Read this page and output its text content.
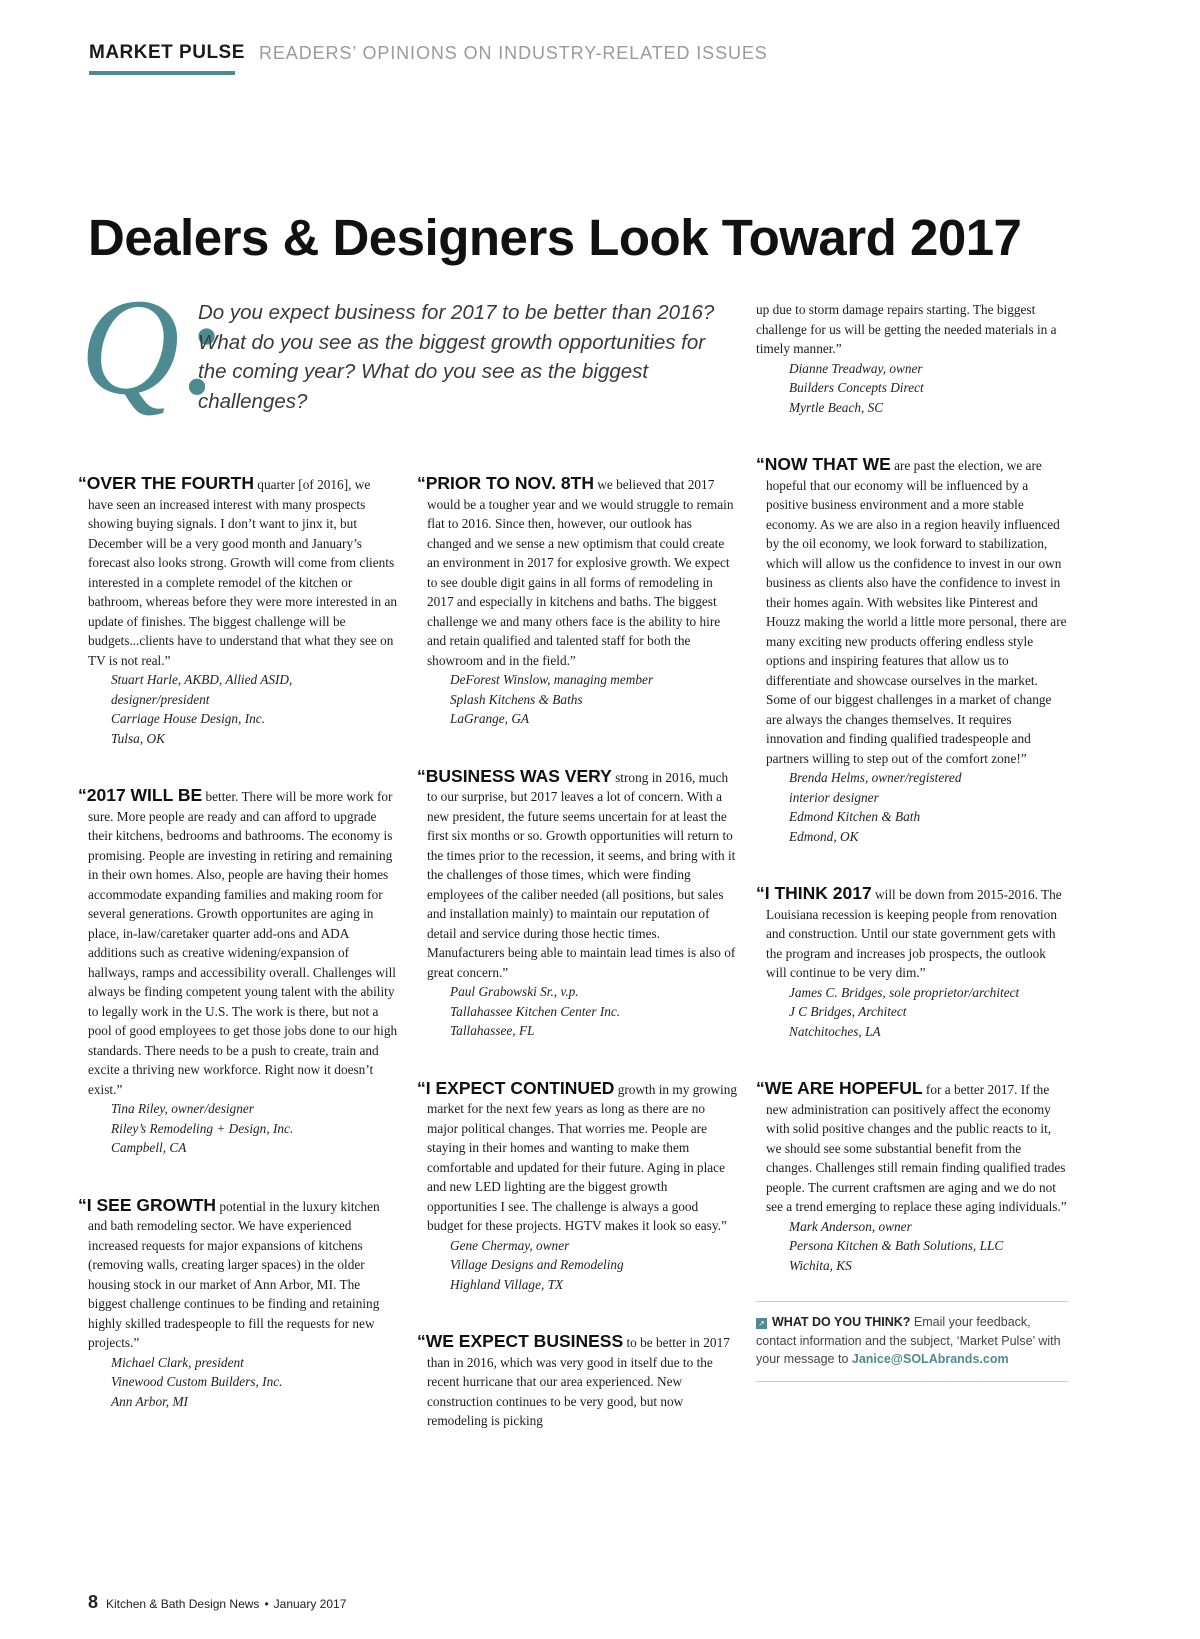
MARKET PULSE READERS’ OPINIONS ON INDUSTRY-RELATED ISSUES
Dealers & Designers Look Toward 2017
Q:

Do you expect business for 2017 to be better than 2016? What do you see as the biggest growth opportunities for the coming year? What do you see as the biggest challenges?

“OVER THE FOURTH quarter [of 2016], we have seen an increased interest with many prospects showing buying signals. I don’t want to jinx it, but December will be a very good month and January’s forecast also looks strong. Growth will come from clients interested in a complete remodel of the kitchen or bathroom, whereas before they were more interested in an update of finishes. The biggest challenge will be budgets...clients have to understand that what they see on TV is not real.”

Stuart Harle, AKBD, Allied ASID,
designer/president
Carriage House Design, Inc.
Tulsa, OK

“2017 WILL BE better. There will be more work for sure. More people are ready and can afford to upgrade their kitchens, bedrooms and bathrooms. The economy is promising. People are investing in retiring and remaining in their own homes. Also, people are having their homes accommodate expanding families and making room for several generations. Growth opportunites are aging in place, in-law/caretaker quarter add-ons and ADA additions such as creative widening/expansion of hallways, ramps and accessibility overall. Challenges will always be finding competent young talent with the ability to legally work in the U.S. The work is there, but not a pool of good employees to get those jobs done to our high standards. There needs to be a push to create, train and excite a thriving new workforce. Right now it doesn’t exist.”

Tina Riley, owner/designer
Riley’s Remodeling + Design, Inc.
Campbell, CA

“I SEE GROWTH potential in the luxury kitchen and bath remodeling sector. We have experienced increased requests for major expansions of kitchens (removing walls, creating larger spaces) in the older housing stock in our market of Ann Arbor, MI. The biggest challenge continues to be finding and retaining highly skilled tradespeople to fill the requests for new projects.”

Michael Clark, president
Vinewood Custom Builders, Inc.
Ann Arbor, MI

“PRIOR TO NOV. 8TH we believed that 2017 would be a tougher year and we would struggle to remain flat to 2016. Since then, however, our outlook has changed and we sense a new optimism that could create an environment in 2017 for explosive growth. We expect to see double digit gains in all forms of remodeling in 2017 and especially in kitchens and baths. The biggest challenge we and many others face is the ability to hire and retain qualified and talented staff for both the showroom and in the field.”

DeForest Winslow, managing member
Splash Kitchens & Baths
LaGrange, GA

“BUSINESS WAS VERY strong in 2016, much to our surprise, but 2017 leaves a lot of concern. With a new president, the future seems uncertain for at least the first six months or so. Growth opportunities will return to the times prior to the recession, it seems, and bring with it the challenges of those times, which were finding employees of the caliber needed (all positions, but sales and installation mainly) to maintain our reputation of detail and service during those hectic times. Manufacturers being able to maintain lead times is also of great concern.”

Paul Grabowski Sr., v.p.
Tallahassee Kitchen Center Inc.
Tallahassee, FL

“I EXPECT CONTINUED growth in my growing market for the next few years as long as there are no major political changes. That worries me. People are staying in their homes and wanting to make them comfortable and updated for their future. Aging in place and new LED lighting are the biggest growth opportunities I see. The challenge is always a good budget for these projects. HGTV makes it look so easy.”

Gene Chermay, owner
Village Designs and Remodeling
Highland Village, TX

“WE EXPECT BUSINESS to be better in 2017 than in 2016, which was very good in itself due to the recent hurricane that our area experienced. New construction continues to be very good, but now remodeling is picking

up due to storm damage repairs starting. The biggest challenge for us will be getting the needed materials in a timely manner.”

Dianne Treadway, owner
Builders Concepts Direct
Myrtle Beach, SC

“NOW THAT WE are past the election, we are hopeful that our economy will be influenced by a positive business environment and a more stable economy. As we are also in a region heavily influenced by the oil economy, we look forward to stabilization, which will allow us the confidence to invest in our own business as clients also have the confidence to invest in their homes again. With websites like Pinterest and Houzz making the world a little more personal, there are many exciting new products offering endless style options and inspiring features that allow us to differentiate and showcase ourselves in the market. Some of our biggest challenges in a market of change are always the changes themselves. It requires innovation and finding qualified tradespeople and partners willing to step out of the comfort zone!”

Brenda Helms, owner/registered
interior designer
Edmond Kitchen & Bath
Edmond, OK

“I THINK 2017 will be down from 2015-2016. The Louisiana recession is keeping people from renovation and construction. Until our state government gets with the program and increases job prospects, the outlook will continue to be very dim.”

James C. Bridges, sole proprietor/architect
J C Bridges, Architect
Natchitoches, LA

“WE ARE HOPEFUL for a better 2017. If the new administration can positively affect the economy with solid positive changes and the public reacts to it, we should see some substantial benefit from the changes. Challenges still remain finding qualified trades people. The current craftsmen are aging and we do not see a trend emerging to replace these aging individuals.”

Mark Anderson, owner
Persona Kitchen & Bath Solutions, LLC
Wichita, KS
↗ WHAT DO YOU THINK? Email your feedback, contact information and the subject, ‘Market Pulse’ with your message to Janice@SOLAbrands.com
8 Kitchen & Bath Design News • January 2017
